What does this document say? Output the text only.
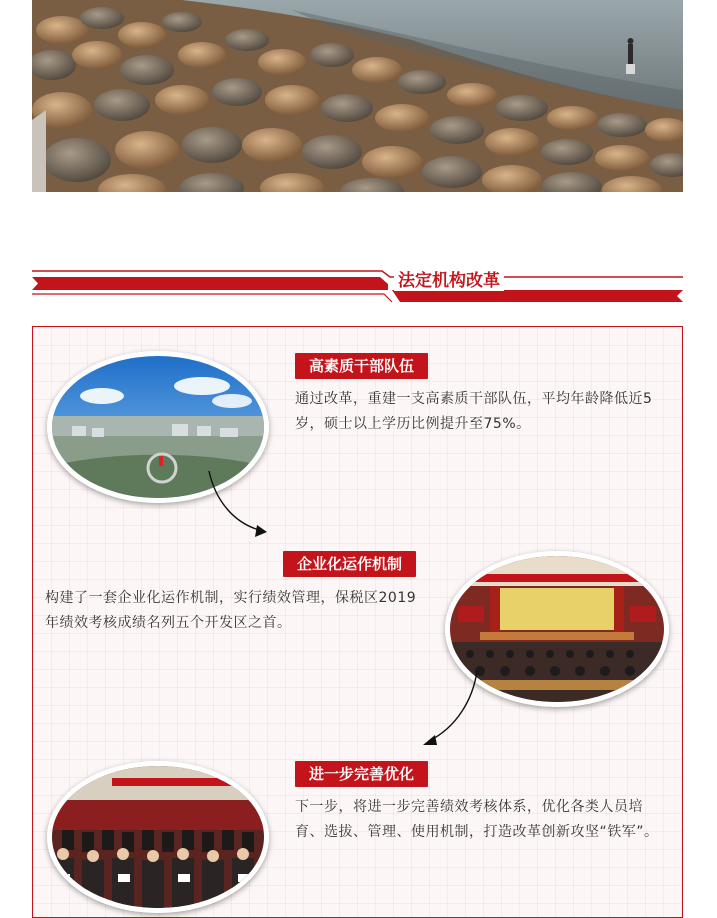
法定机构改革
高素质干部队伍
通过改革，重建一支高素质干部队伍，平均年龄降低近5岁，硕士以上学历比例提升至75%。
企业化运作机制
构建了一套企业化运作机制，实行绩效管理，保税区2019年绩效考核成绩名列五个开发区之首。
进一步完善优化
下一步，将进一步完善绩效考核体系，优化各类人员培育、选拔、管理、使用机制，打造改革创新攻坚“铁军”。
